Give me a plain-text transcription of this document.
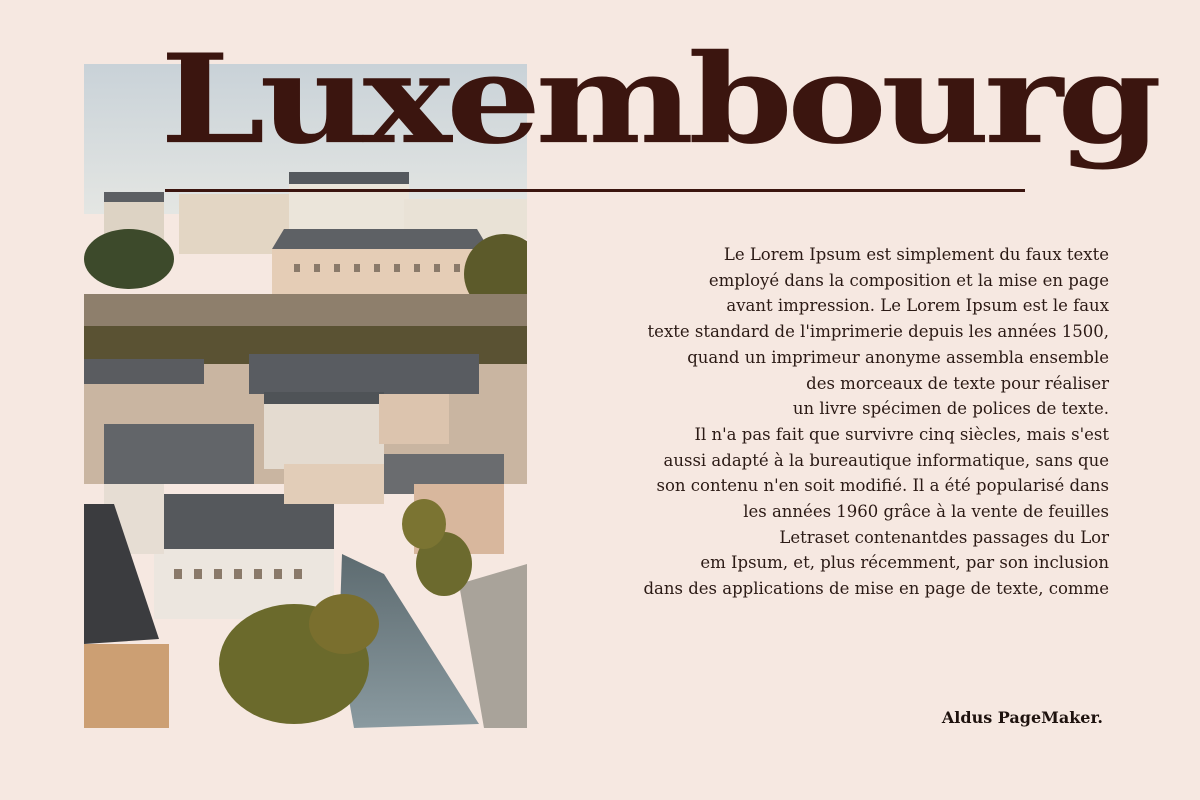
Luxembourg

Le Lorem Ipsum est simplement du faux texte
employé dans la composition et la mise en page
avant impression. Le Lorem Ipsum est le faux
texte standard de l'imprimerie depuis les années 1500,
quand un imprimeur anonyme assembla ensemble
des morceaux de texte pour réaliser
un livre spécimen de polices de texte.
Il n'a pas fait que survivre cinq siècles, mais s'est
aussi adapté à la bureautique informatique, sans que
son contenu n'en soit modifié. Il a été popularisé dans
les années 1960 grâce à la vente de feuilles
Letraset contenantdes passages du Lor
em Ipsum, et, plus récemment, par son inclusion
dans des applications de mise en page de texte, comme

Aldus PageMaker.
